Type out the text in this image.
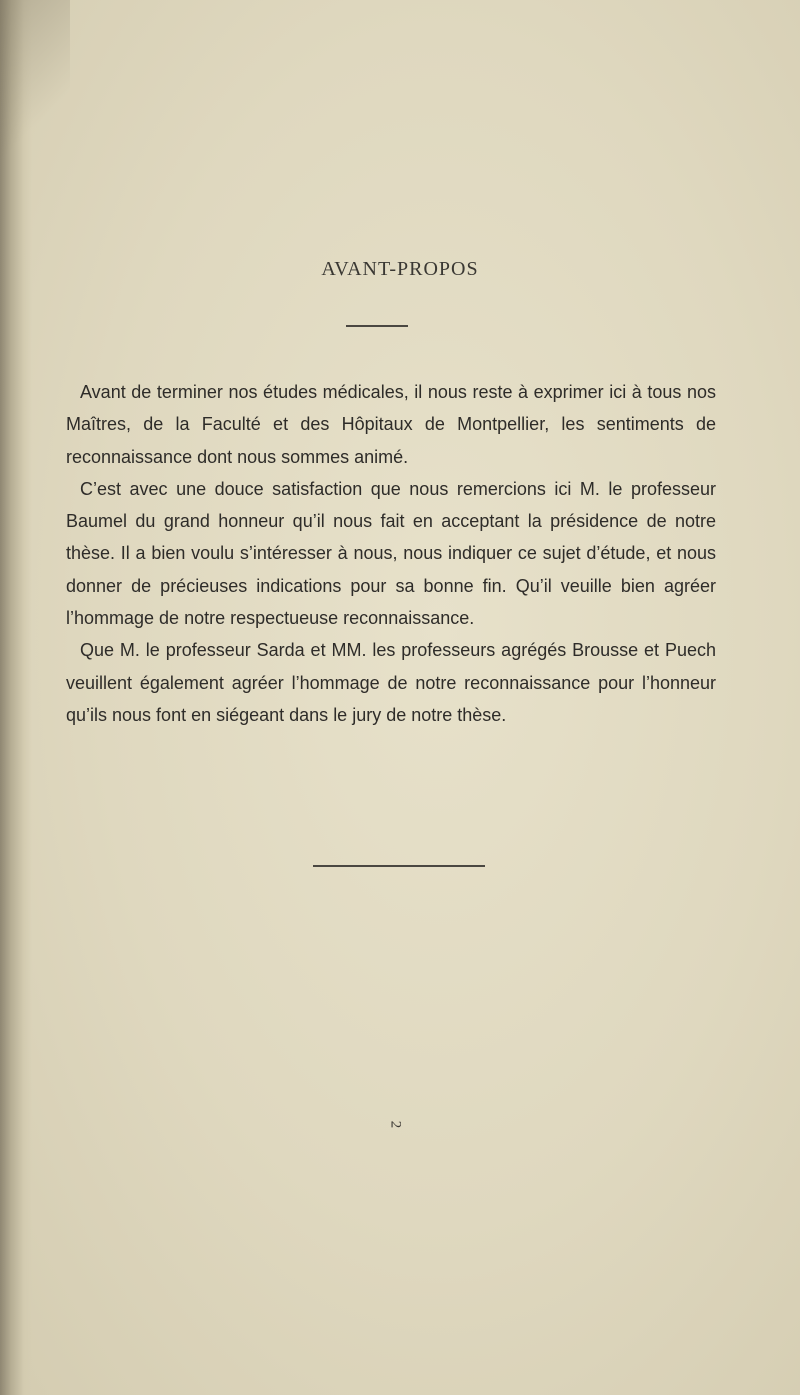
AVANT-PROPOS

Avant de terminer nos études médicales, il nous reste à exprimer ici à tous nos Maîtres, de la Faculté et des Hôpitaux de Montpellier, les sentiments de reconnaissance dont nous sommes animé.

C’est avec une douce satisfaction que nous remercions ici M. le professeur Baumel du grand honneur qu’il nous fait en acceptant la présidence de notre thèse. Il a bien voulu s’intéresser à nous, nous indiquer ce sujet d’étude, et nous donner de précieuses indications pour sa bonne fin. Qu’il veuille bien agréer l’hommage de notre respectueuse reconnaissance.

Que M. le professeur Sarda et MM. les professeurs agrégés Brousse et Puech veuillent également agréer l’hommage de notre reconnaissance pour l’honneur qu’ils nous font en siégeant dans le jury de notre thèse.

2
